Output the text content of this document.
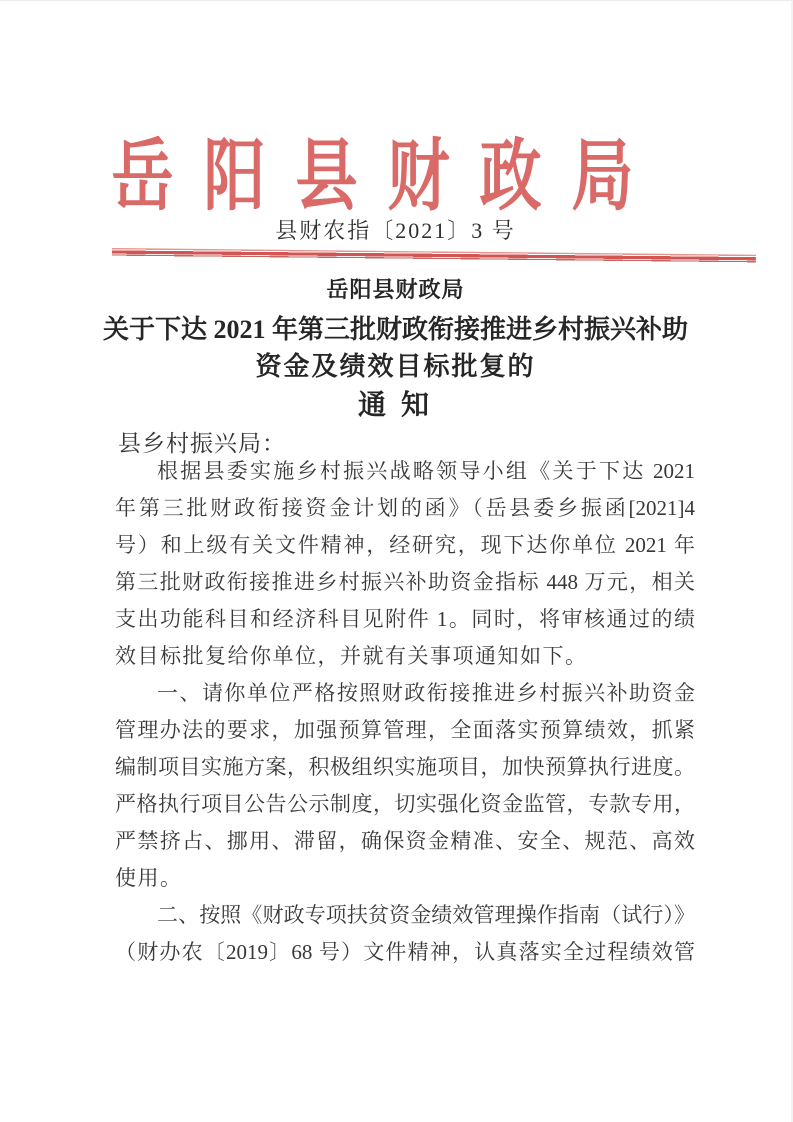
岳阳县财政局
县财农指〔2021〕3 号
岳阳县财政局
关于下达 2021 年第三批财政衔接推进乡村振兴补助
资金及绩效目标批复的
通 知
县乡村振兴局：
根据县委实施乡村振兴战略领导小组《关于下达 2021
年第三批财政衔接资金计划的函》（岳县委乡振函[2021]4
号）和上级有关文件精神，经研究，现下达你单位 2021 年
第三批财政衔接推进乡村振兴补助资金指标 448 万元，相关
支出功能科目和经济科目见附件 1。同时，将审核通过的绩
效目标批复给你单位，并就有关事项通知如下。
一、请你单位严格按照财政衔接推进乡村振兴补助资金
管理办法的要求，加强预算管理，全面落实预算绩效，抓紧
编制项目实施方案，积极组织实施项目，加快预算执行进度。
严格执行项目公告公示制度，切实强化资金监管，专款专用，
严禁挤占、挪用、滞留，确保资金精准、安全、规范、高效
使用。
二、按照《财政专项扶贫资金绩效管理操作指南（试行）》
（财办农〔2019〕68 号）文件精神，认真落实全过程绩效管
